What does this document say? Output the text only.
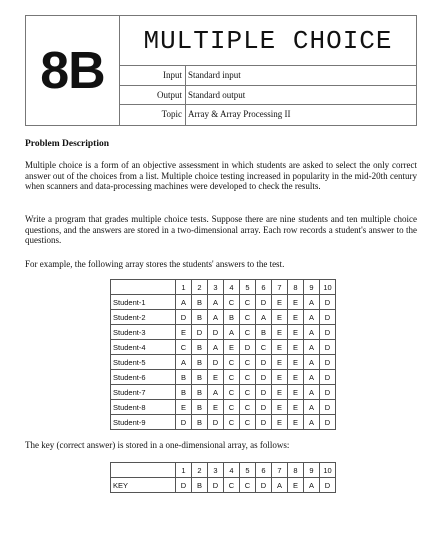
8B
MULTIPLE CHOICE
Input Standard input
Output Standard output
Topic Array & Array Processing II
Problem Description
Multiple choice is a form of an objective assessment in which students are asked to select the only correct answer out of the choices from a list. Multiple choice testing increased in popularity in the mid-20th century when scanners and data-processing machines were developed to check the results.
Write a program that grades multiple choice tests. Suppose there are nine students and ten multiple choice questions, and the answers are stored in a two-dimensional array. Each row records a student's answer to the questions.
For example, the following array stores the students' answers to the test.
	1	2	3	4	5	6	7	8	9	10
Student-1	A	B	A	C	C	D	E	E	A	D
Student-2	D	B	A	B	C	A	E	E	A	D
Student-3	E	D	D	A	C	B	E	E	A	D
Student-4	C	B	A	E	D	C	E	E	A	D
Student-5	A	B	D	C	C	D	E	E	A	D
Student-6	B	B	E	C	C	D	E	E	A	D
Student-7	B	B	A	C	C	D	E	E	A	D
Student-8	E	B	E	C	C	D	E	E	A	D
Student-9	D	B	D	C	C	D	E	E	A	D
The key (correct answer) is stored in a one-dimensional array, as follows:
	1	2	3	4	5	6	7	8	9	10
KEY	D	B	D	C	C	D	A	E	A	D
